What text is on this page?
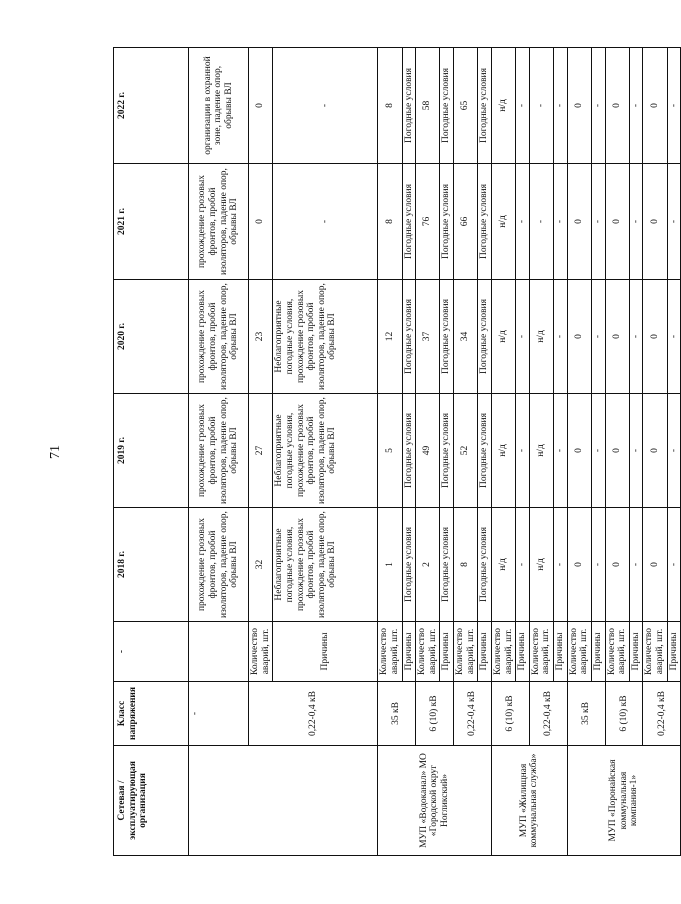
71
Сетевая / эксплуатирующая организация	Класс напряжения	-	2018 г.	2019 г.	2020 г.	2021 г.	2022 г.
	-		прохождение грозовых фронтов, пробой изоляторов, падение опор, обрывы ВЛ	прохождение грозовых фронтов, пробой изоляторов, падение опор, обрывы ВЛ	прохождение грозовых фронтов, пробой изоляторов, падение опор, обрывы ВЛ	прохождение грозовых фронтов, пробой изоляторов, падение опор, обрывы ВЛ	организации в охранной зоне, падение опор, обрывы ВЛ
	0,22-0,4 кВ	Количество аварий, шт.	32	27	23	0	0
		Причины	Неблагоприятные погодные условия, прохождение грозовых фронтов, пробой изоляторов, падение опор, обрывы ВЛ	Неблагоприятные погодные условия, прохождение грозовых фронтов, пробой изоляторов, падение опор, обрывы ВЛ	Неблагоприятные погодные условия, прохождение грозовых фронтов, пробой изоляторов, падение опор, обрывы ВЛ	-	-

МУП «Водоканал» МО «Городской округ Ногликский»	35 кВ	Количество аварий, шт.	1	5	12	8	8
		Причины	Погодные условия	Погодные условия	Погодные условия	Погодные условия	Погодные условия
	6 (10) кВ	Количество аварий, шт.	2	49	37	76	58
		Причины	Погодные условия	Погодные условия	Погодные условия	Погодные условия	Погодные условия
	0,22-0,4 кВ	Количество аварий, шт.	8	52	34	66	65
		Причины	Погодные условия	Погодные условия	Погодные условия	Погодные условия	Погодные условия
МУП «Жилищная коммунальная служба»	6 (10) кВ	Количество аварий, шт.	н/д	н/д	н/д	н/д	н/д
		Причины	-	-	-	-	-
	0,22-0,4 кВ	Количество аварий, шт.	н/д	н/д	н/д	-	-
		Причины	-	-	-	-	-
МУП «Поронайская коммунальная компания-1»	35 кВ	Количество аварий, шт.	0	0	0	0	0
		Причины	-	-	-	-	-
	6 (10) кВ	Количество аварий, шт.	0	0	0	0	0
		Причины	-	-	-	-	-
	0,22-0,4 кВ	Количество аварий, шт.	0	0	0	0	0
		Причины	-	-	-	-	-
